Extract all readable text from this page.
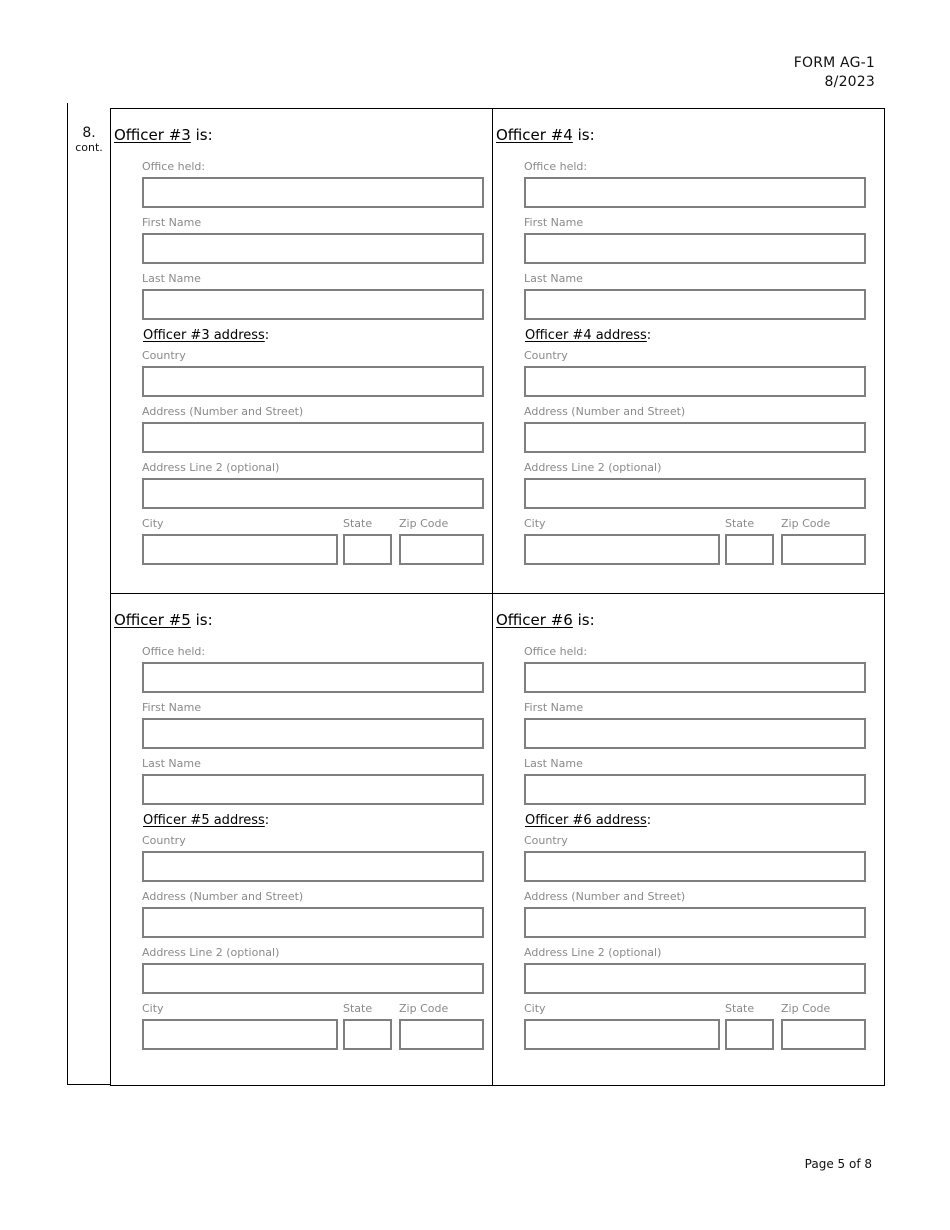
FORM AG-1
8/2023
8.
cont.
Officer #3 is:
Office held:
First Name
Last Name
Officer #3 address:
Country
Address (Number and Street)
Address Line 2 (optional)
City	State	Zip Code
Officer #4 is:
Office held:
First Name
Last Name
Officer #4 address:
Country
Address (Number and Street)
Address Line 2 (optional)
City	State	Zip Code
Officer #5 is:
Office held:
First Name
Last Name
Officer #5 address:
Country
Address (Number and Street)
Address Line 2 (optional)
City	State	Zip Code
Officer #6 is:
Office held:
First Name
Last Name
Officer #6 address:
Country
Address (Number and Street)
Address Line 2 (optional)
City	State	Zip Code
Page 5 of 8
